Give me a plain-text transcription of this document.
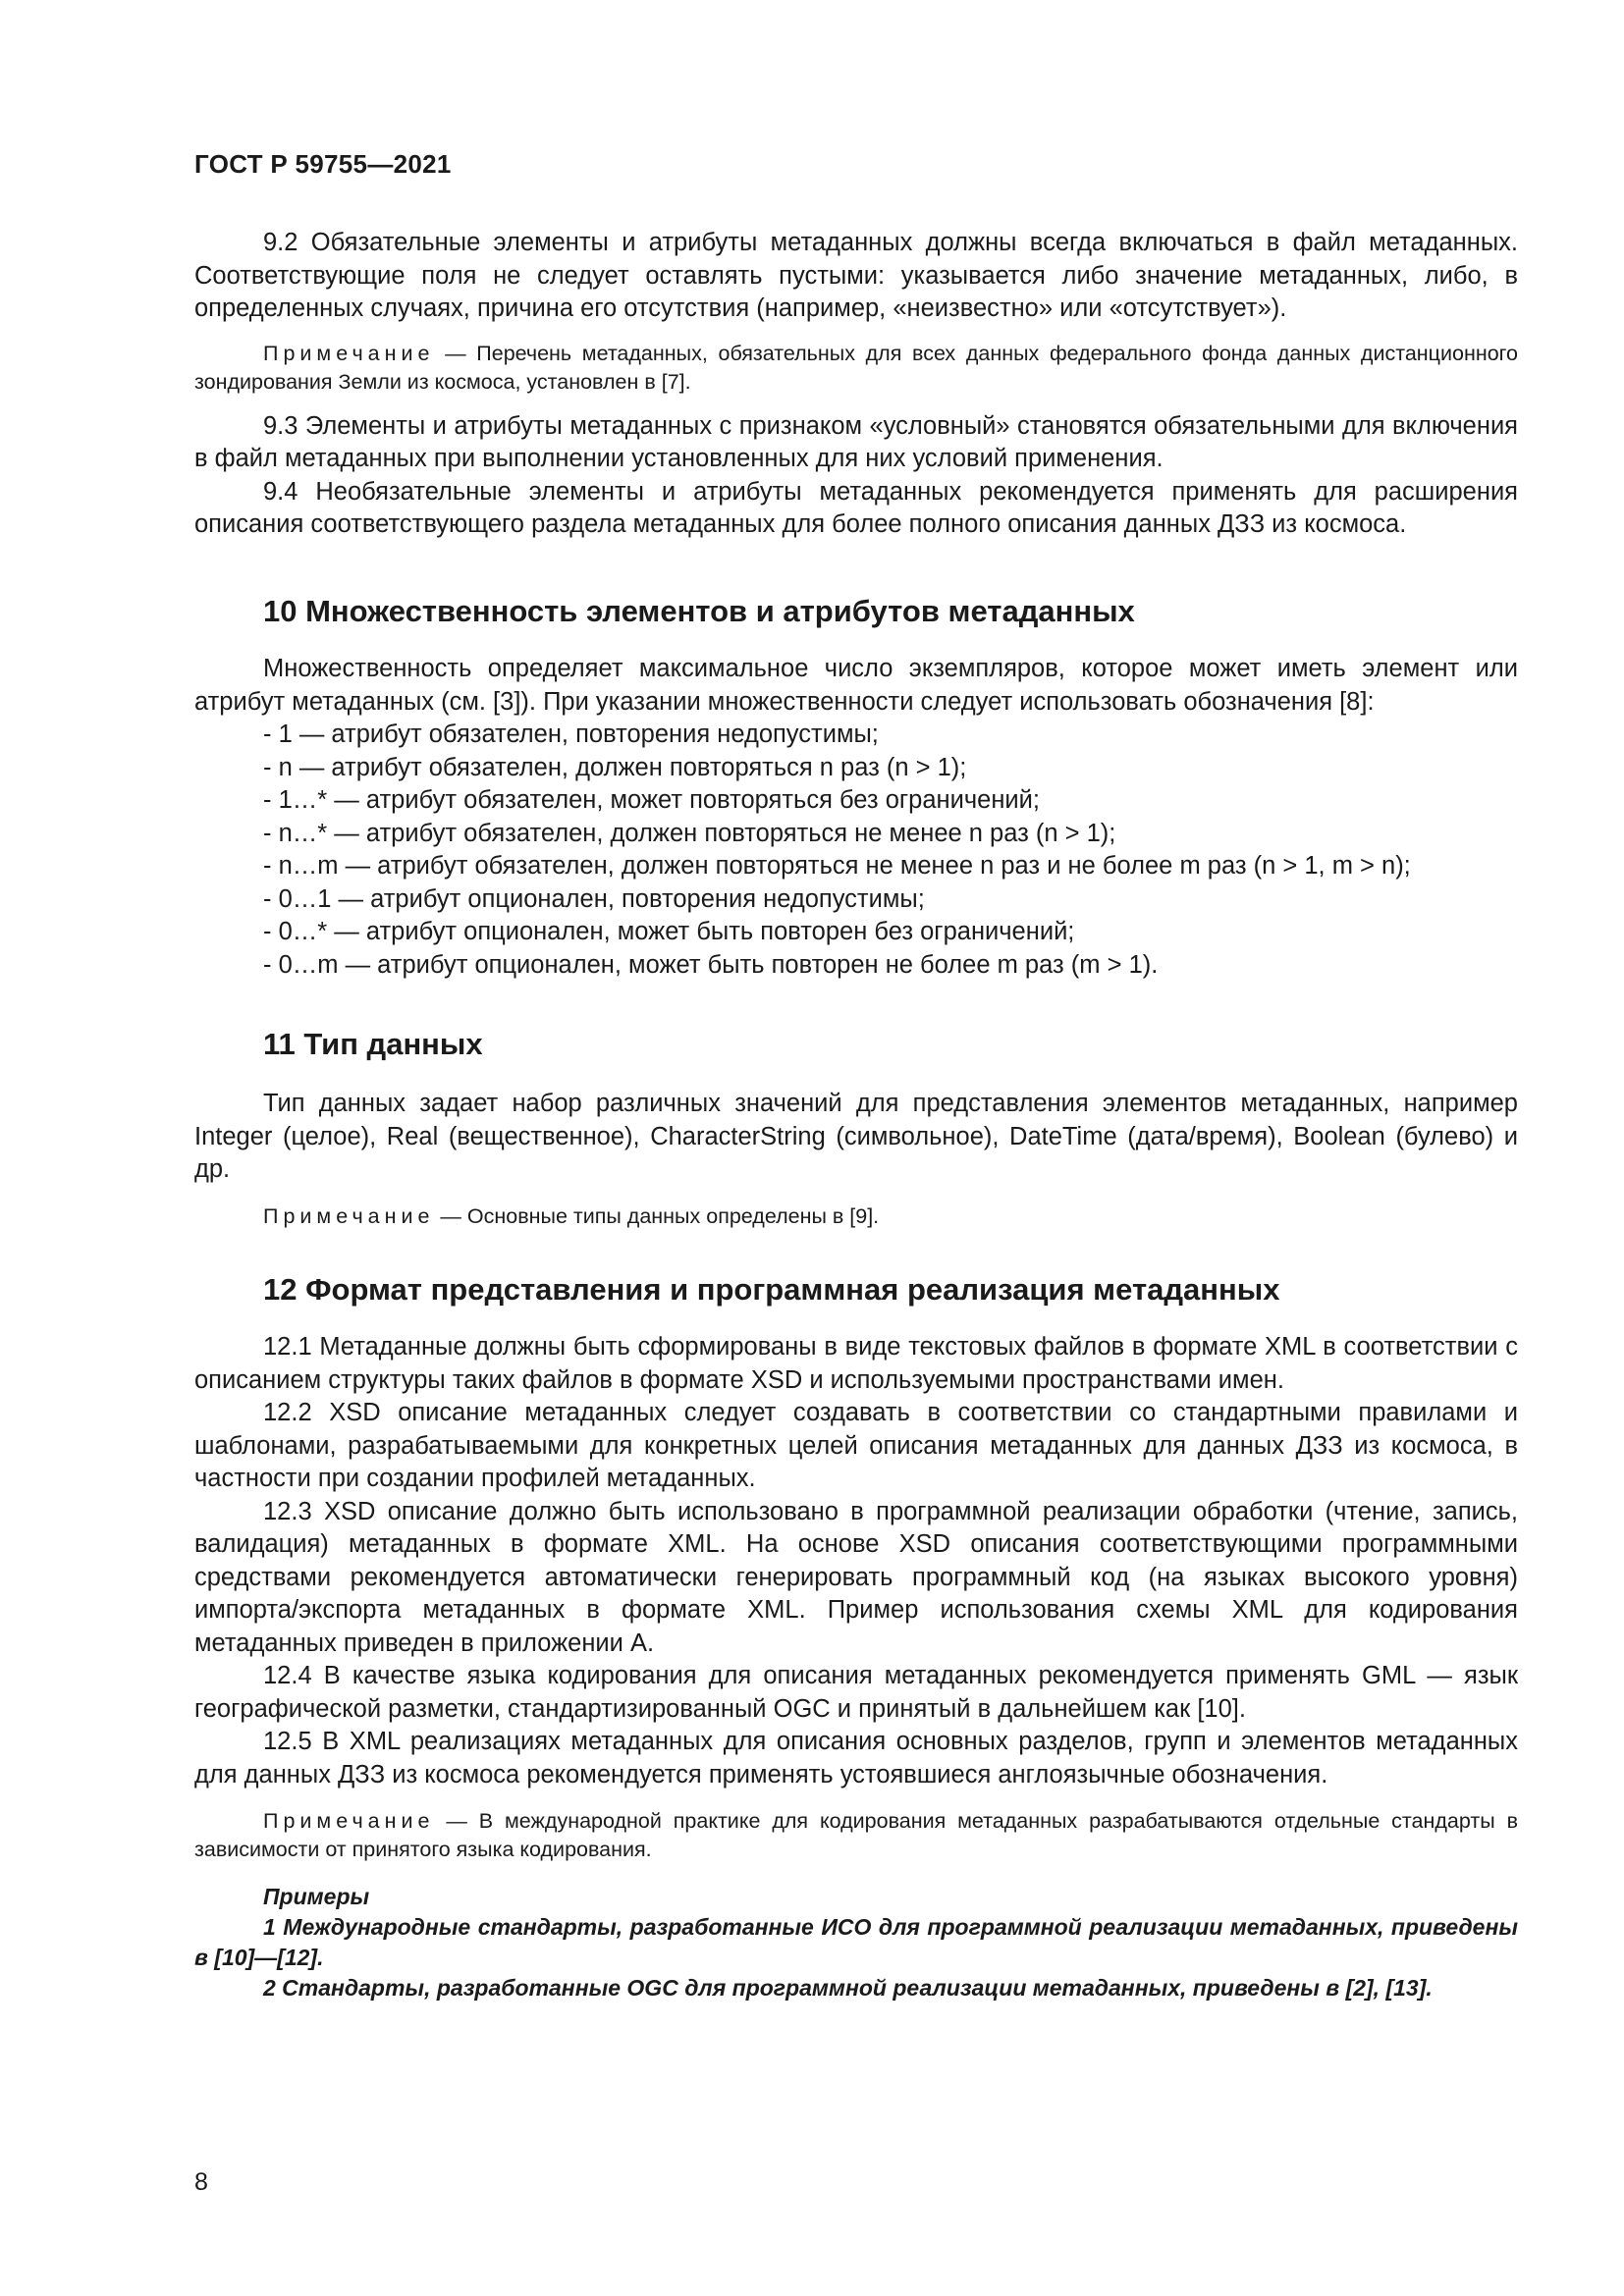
ГОСТ Р 59755—2021

9.2 Обязательные элементы и атрибуты метаданных должны всегда включаться в файл метаданных. Соответствующие поля не следует оставлять пустыми: указывается либо значение метаданных, либо, в определенных случаях, причина его отсутствия (например, «неизвестно» или «отсутствует»).

Примечание — Перечень метаданных, обязательных для всех данных федерального фонда данных дистанционного зондирования Земли из космоса, установлен в [7].

9.3 Элементы и атрибуты метаданных с признаком «условный» становятся обязательными для включения в файл метаданных при выполнении установленных для них условий применения.

9.4 Необязательные элементы и атрибуты метаданных рекомендуется применять для расширения описания соответствующего раздела метаданных для более полного описания данных ДЗЗ из космоса.

10 Множественность элементов и атрибутов метаданных

Множественность определяет максимальное число экземпляров, которое может иметь элемент или атрибут метаданных (см. [3]). При указании множественности следует использовать обозначения [8]:

- 1 — атрибут обязателен, повторения недопустимы;
- n — атрибут обязателен, должен повторяться n раз (n > 1);
- 1…* — атрибут обязателен, может повторяться без ограничений;
- n…* — атрибут обязателен, должен повторяться не менее n раз (n > 1);
- n…m — атрибут обязателен, должен повторяться не менее n раз и не более m раз (n > 1, m > n);
- 0…1 — атрибут опционален, повторения недопустимы;
- 0…* — атрибут опционален, может быть повторен без ограничений;
- 0…m — атрибут опционален, может быть повторен не более m раз (m > 1).
11 Тип данных

Тип данных задает набор различных значений для представления элементов метаданных, например Integer (целое), Real (вещественное), CharacterString (символьное), DateTime (дата/время), Boolean (булево) и др.

Примечание — Основные типы данных определены в [9].

12 Формат представления и программная реализация метаданных

12.1 Метаданные должны быть сформированы в виде текстовых файлов в формате XML в соответствии с описанием структуры таких файлов в формате XSD и используемыми пространствами имен.

12.2 XSD описание метаданных следует создавать в соответствии со стандартными правилами и шаблонами, разрабатываемыми для конкретных целей описания метаданных для данных ДЗЗ из космоса, в частности при создании профилей метаданных.

12.3 XSD описание должно быть использовано в программной реализации обработки (чтение, запись, валидация) метаданных в формате XML. На основе XSD описания соответствующими программными средствами рекомендуется автоматически генерировать программный код (на языках высокого уровня) импорта/экспорта метаданных в формате XML. Пример использования схемы XML для кодирования метаданных приведен в приложении А.

12.4 В качестве языка кодирования для описания метаданных рекомендуется применять GML — язык географической разметки, стандартизированный OGC и принятый в дальнейшем как [10].

12.5 В XML реализациях метаданных для описания основных разделов, групп и элементов метаданных для данных ДЗЗ из космоса рекомендуется применять устоявшиеся англоязычные обозначения.

Примечание — В международной практике для кодирования метаданных разрабатываются отдельные стандарты в зависимости от принятого языка кодирования.

Примеры

1 Международные стандарты, разработанные ИСО для программной реализации метаданных, приведены в [10]—[12].

2 Стандарты, разработанные OGC для программной реализации метаданных, приведены в [2], [13].

8
